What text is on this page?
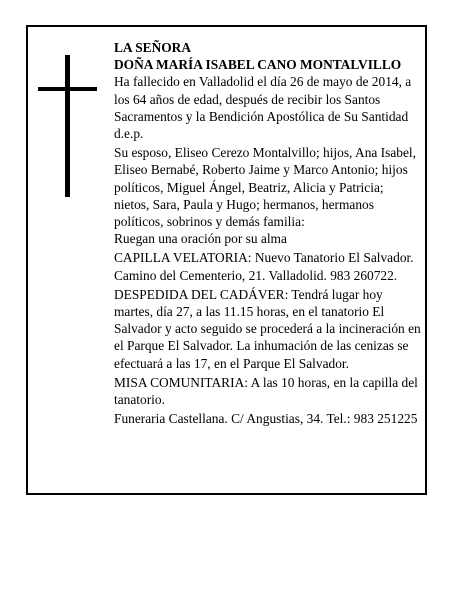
LA SEÑORA

DOÑA MARÍA ISABEL CANO MONTALVILLO

Ha fallecido en Valladolid el día 26 de mayo de 2014, a los 64 años de edad, después de recibir los Santos Sacramentos y la Bendición Apostólica de Su Santidad d.e.p.

Su esposo, Eliseo Cerezo Montalvillo; hijos, Ana Isabel, Eliseo Bernabé, Roberto Jaime y Marco Antonio; hijos políticos, Miguel Ángel, Beatriz, Alicia y Patricia; nietos, Sara, Paula y Hugo; hermanos, hermanos políticos, sobrinos y demás familia:

Ruegan una oración por su alma

CAPILLA VELATORIA: Nuevo Tanatorio El Salvador. Camino del Cementerio, 21. Valladolid. 983 260722.

DESPEDIDA DEL CADÁVER: Tendrá lugar hoy martes, día 27, a las 11.15 horas, en el tanatorio El Salvador y acto seguido se procederá a la incineración en el Parque El Salvador. La inhumación de las cenizas se efectuará a las 17, en el Parque El Salvador.

MISA COMUNITARIA: A las 10 horas, en la capilla del tanatorio.

Funeraria Castellana. C/ Angustias, 34. Tel.: 983 251225
